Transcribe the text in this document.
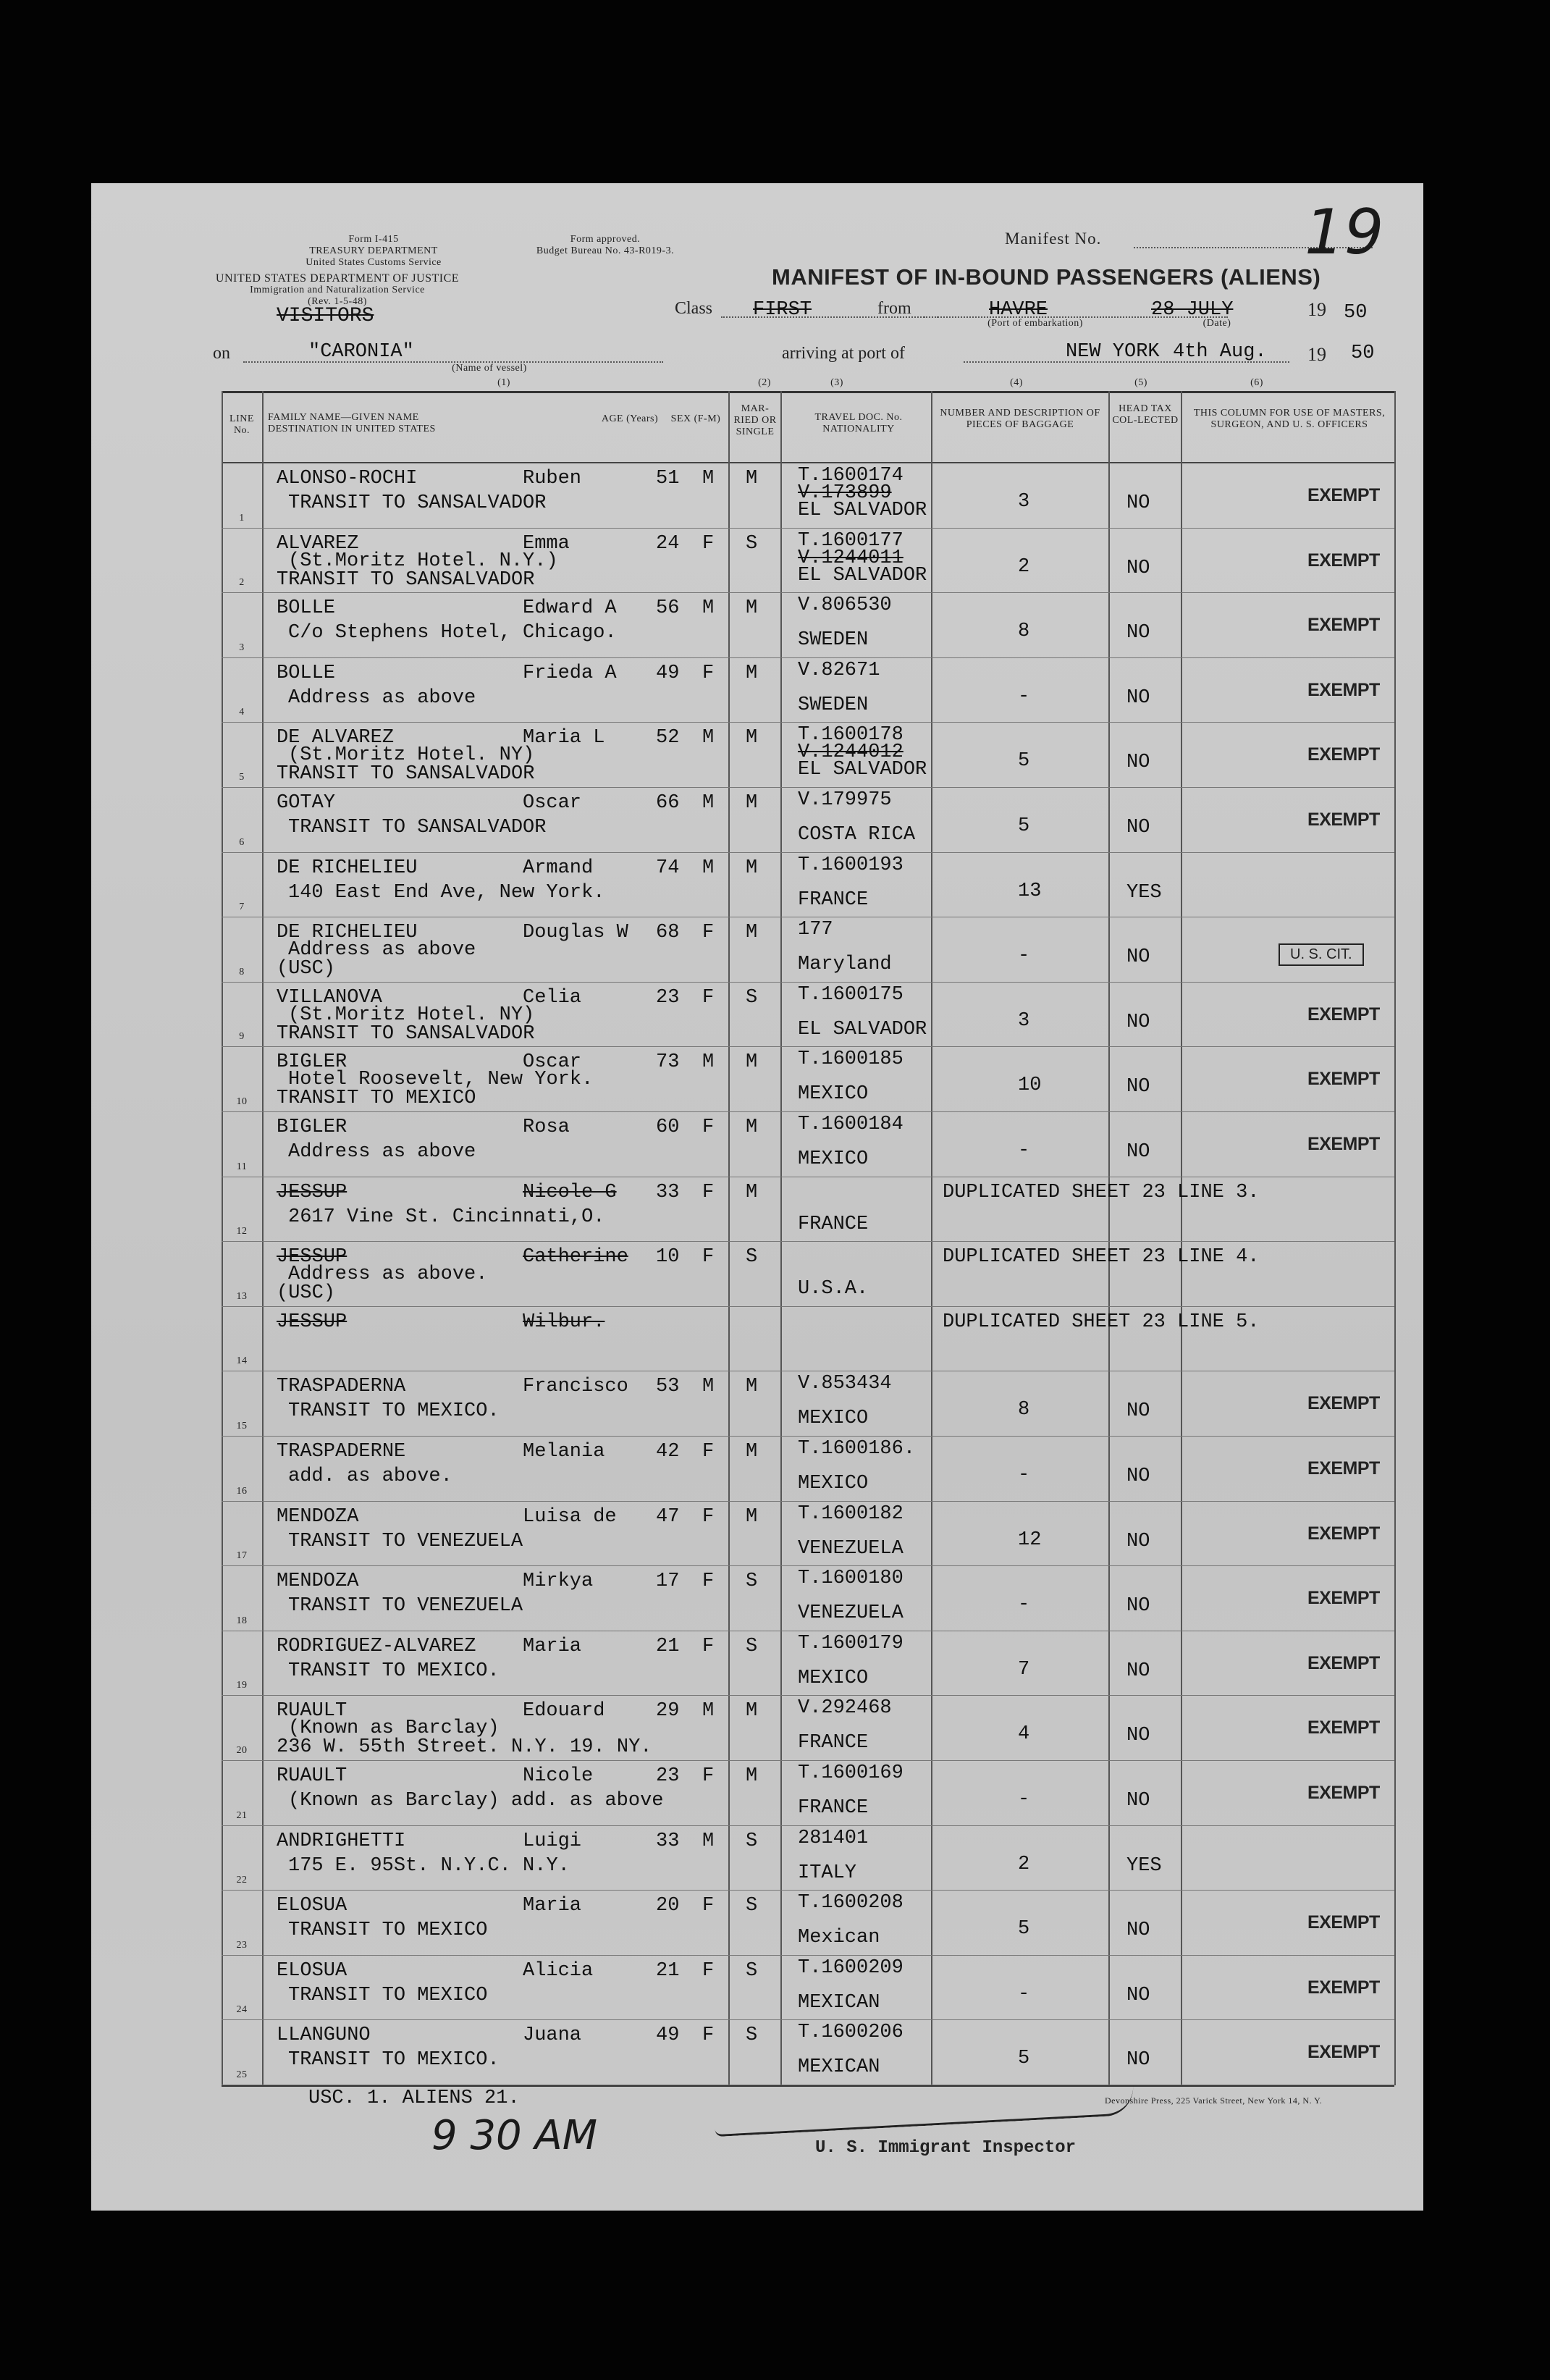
Form I-415
TREASURY DEPARTMENT
United States Customs Service
Form approved.
Budget Bureau No. 43-R019-3.
UNITED STATES DEPARTMENT OF JUSTICE
Immigration and Naturalization Service
(Rev. 1-5-48)
VISITORS
Manifest No.	19
MANIFEST OF IN-BOUND PASSENGERS (ALIENS)
Class FIRST	from	HAVRE
(Port of embarkation)
28 JULY
(Date)
19 50
on	"CARONIA"
(Name of vessel)
arriving at port of	NEW YORK 4th Aug. 19 50
(1)	(2)	(3)	(4)	(5)	(6)
LINE No.
FAMILY NAME—GIVEN NAME
DESTINATION IN UNITED STATES
AGE (Years) SEX (F-M)
MAR-RIED OR SINGLE
TRAVEL DOC. No.
NATIONALITY
NUMBER AND DESCRIPTION OF PIECES OF BAGGAGE
HEAD TAX COL-LECTED
THIS COLUMN FOR USE OF MASTERS, SURGEON, AND U. S. OFFICERS
1
ALONSO-ROCHI	Ruben
TRANSIT TO SANSALVADOR
51 M M T.1600174
V.173899
EL SALVADOR	3	NO	EXEMPT
2
ALVAREZ	Emma
(St.Moritz Hotel. N.Y.)
TRANSIT TO SANSALVADOR
24 F S T.1600177
V.1244011
EL SALVADOR	2	NO	EXEMPT
3
BOLLE	Edward A
C/o Stephens Hotel, Chicago.
56 M M V.806530
SWEDEN	8	NO	EXEMPT
4
BOLLE	Frieda A
Address as above
49 F M V.82671
SWEDEN	-	NO	EXEMPT
5
DE ALVAREZ	Maria L
(St.Moritz Hotel. NY)
TRANSIT TO SANSALVADOR
52 M M T.1600178
V.1244012
EL SALVADOR	5	NO	EXEMPT
6
GOTAY	Oscar
TRANSIT TO SANSALVADOR
66 M M V.179975
COSTA RICA	5	NO	EXEMPT
7
DE RICHELIEU	Armand
140 East End Ave, New York.
74 M M T.1600193
FRANCE	13	YES
8
DE RICHELIEU	Douglas W
Address as above
(USC)
68 F M 177
Maryland	-	NO	U. S. CIT.
9
VILLANOVA	Celia
(St.Moritz Hotel. NY)
TRANSIT TO SANSALVADOR
23 F S T.1600175
EL SALVADOR	3	NO	EXEMPT
10
BIGLER	Oscar
Hotel Roosevelt, New York.
TRANSIT TO MEXICO
73 M M T.1600185
MEXICO	10	NO	EXEMPT
11
BIGLER	Rosa
Address as above
60 F M T.1600184
MEXICO	-	NO	EXEMPT
12
JESSUP	Nicole G
2617 Vine St. Cincinnati,O.
33 F M
FRANCE
DUPLICATED SHEET 23 LINE 3.
13
JESSUP	Catherine
Address as above.
(USC)
10 F S
U.S.A.
DUPLICATED SHEET 23 LINE 4.
14
JESSUP	Wilbur.	DUPLICATED SHEET 23 LINE 5.
15
TRASPADERNA	Francisco
TRANSIT TO MEXICO.
53 M M V.853434
MEXICO	8	NO	EXEMPT
16
TRASPADERNE	Melania
add. as above.
42 F M T.1600186.
MEXICO	-	NO	EXEMPT
17
MENDOZA	Luisa de
TRANSIT TO VENEZUELA
47 F M T.1600182
VENEZUELA	12	NO	EXEMPT
18
MENDOZA	Mirkya
TRANSIT TO VENEZUELA
17 F S T.1600180
VENEZUELA	-	NO	EXEMPT
19
RODRIGUEZ-ALVAREZ Maria
TRANSIT TO MEXICO.
21 F S T.1600179
MEXICO	7	NO	EXEMPT
20
RUAULT	Edouard
(Known as Barclay)
236 W. 55th Street. N.Y. 19. NY.
29 M M V.292468
FRANCE	4	NO	EXEMPT
21
RUAULT	Nicole
(Known as Barclay) add. as above
23 F M T.1600169
FRANCE	-	NO	EXEMPT
22
ANDRIGHETTI	Luigi
175 E. 95St. N.Y.C. N.Y.
33 M S 281401
ITALY	2	YES
23
ELOSUA	Maria
TRANSIT TO MEXICO
20 F S T.1600208
Mexican	5	NO	EXEMPT
24
ELOSUA	Alicia
TRANSIT TO MEXICO
21 F S T.1600209
MEXICAN	-	NO	EXEMPT
25
LLANGUNO	Juana
TRANSIT TO MEXICO.
49 F S T.1600206
MEXICAN	5	NO	EXEMPT
USC. 1. ALIENS 21.
9 30 AM	U. S. Immigrant Inspector
Devonshire Press, 225 Varick Street, New York 14, N. Y.
